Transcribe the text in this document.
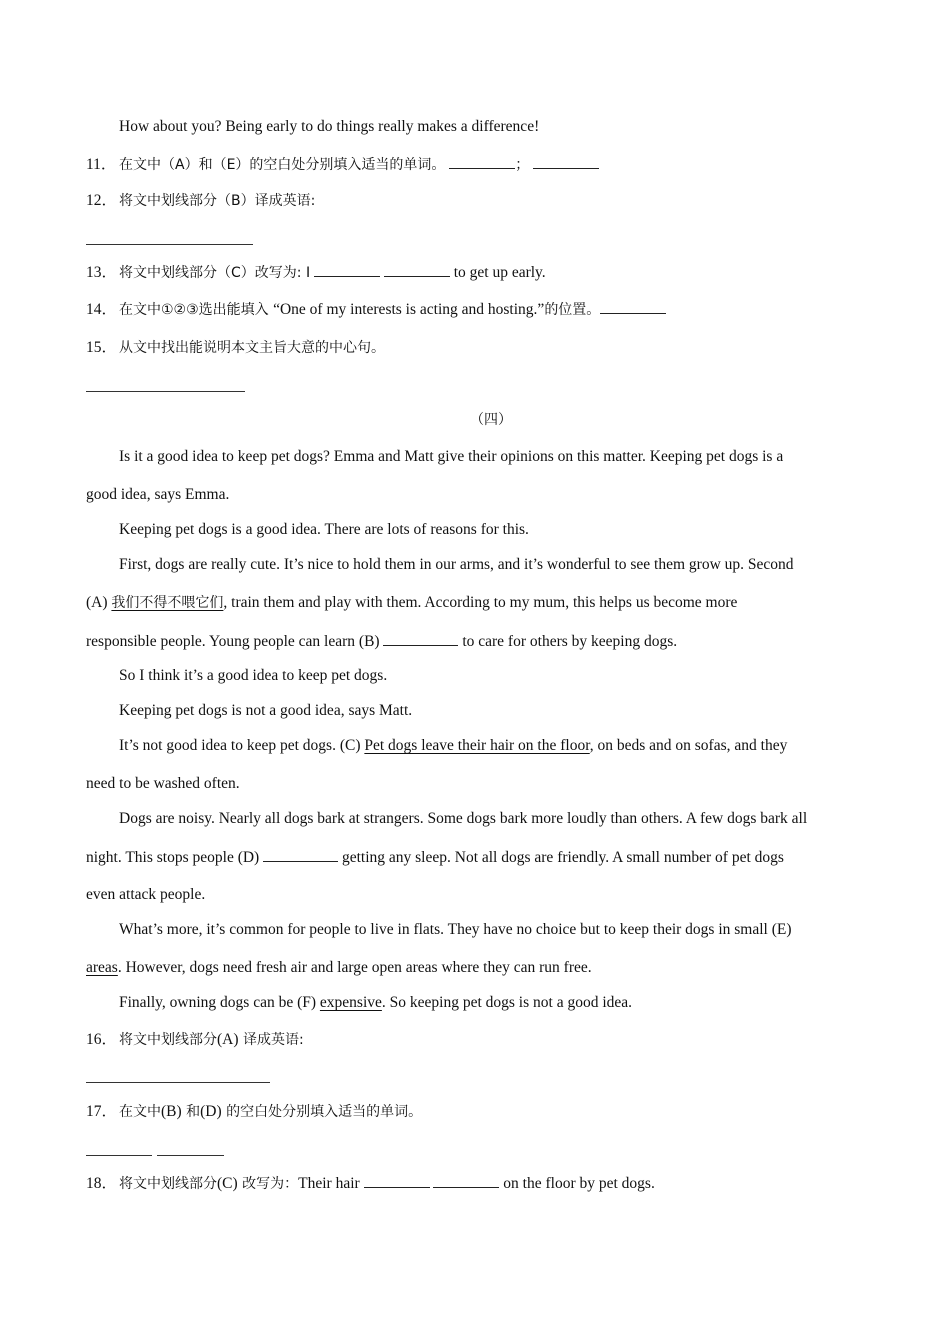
How about you? Being early to do things really makes a difference!
11． 在文中（A）和（E）的空白处分别填入适当的单词。	；
12． 将文中划线部分（B）译成英语:
13． 将文中划线部分（C）改写为: I	to get up early.
14． 在文中①②③选出能填入 “One of my interests is acting and hosting.”的位置。
15． 从文中找出能说明本文主旨大意的中心句。
（四）
Is it a good idea to keep pet dogs? Emma and Matt give their opinions on this matter. Keeping pet dogs is a
good idea, says Emma.
Keeping pet dogs is a good idea. There are lots of reasons for this.
First, dogs are really cute. It’s nice to hold them in our arms, and it’s wonderful to see them grow up. Second
(A) 我们不得不喂它们, train them and play with them. According to my mum, this helps us become more
responsible people. Young people can learn (B)	to care for others by keeping dogs.
So I think it’s a good idea to keep pet dogs.
Keeping pet dogs is not a good idea, says Matt.
It’s not good idea to keep pet dogs. (C) Pet dogs leave their hair on the floor, on beds and on sofas, and they
need to be washed often.
Dogs are noisy. Nearly all dogs bark at strangers. Some dogs bark more loudly than others. A few dogs bark all
night. This stops people (D)	getting any sleep. Not all dogs are friendly. A small number of pet dogs
even attack people.
What’s more, it’s common for people to live in flats. They have no choice but to keep their dogs in small (E)
areas. However, dogs need fresh air and large open areas where they can run free.
Finally, owning dogs can be (F) expensive. So keeping pet dogs is not a good idea.
16． 将文中划线部分(A) 译成英语:
17． 在文中(B) 和(D) 的空白处分别填入适当的单词。
18． 将文中划线部分(C) 改写为：Their hair	on the floor by pet dogs.
